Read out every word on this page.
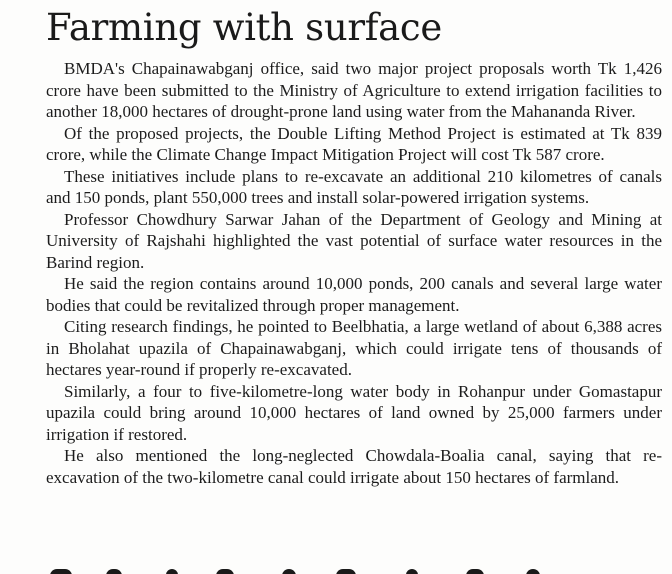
Farming with surface

BMDA's Chapainawabganj office, said two major project proposals worth Tk 1,426 crore have been submitted to the Ministry of Agriculture to extend irrigation facilities to another 18,000 hectares of drought-prone land using water from the Mahananda River.

Of the proposed projects, the Double Lifting Method Project is estimated at Tk 839 crore, while the Climate Change Impact Mitigation Project will cost Tk 587 crore.

These initiatives include plans to re-excavate an additional 210 kilometres of canals and 150 ponds, plant 550,000 trees and install solar-powered irrigation systems.

Professor Chowdhury Sarwar Jahan of the Department of Geology and Mining at University of Rajshahi highlighted the vast potential of surface water resources in the Barind region.

He said the region contains around 10,000 ponds, 200 canals and several large water bodies that could be revitalized through proper management.

Citing research findings, he pointed to Beelbhatia, a large wetland of about 6,388 acres in Bholahat upazila of Chapainawabganj, which could irrigate tens of thousands of hectares year-round if properly re-excavated.

Similarly, a four to five-kilometre-long water body in Rohanpur under Gomastapur upazila could bring around 10,000 hectares of land owned by 25,000 farmers under irrigation if restored.

He also mentioned the long-neglected Chowdala-Boalia canal, saying that re-excavation of the two-kilometre canal could irrigate about 150 hectares of farmland.
